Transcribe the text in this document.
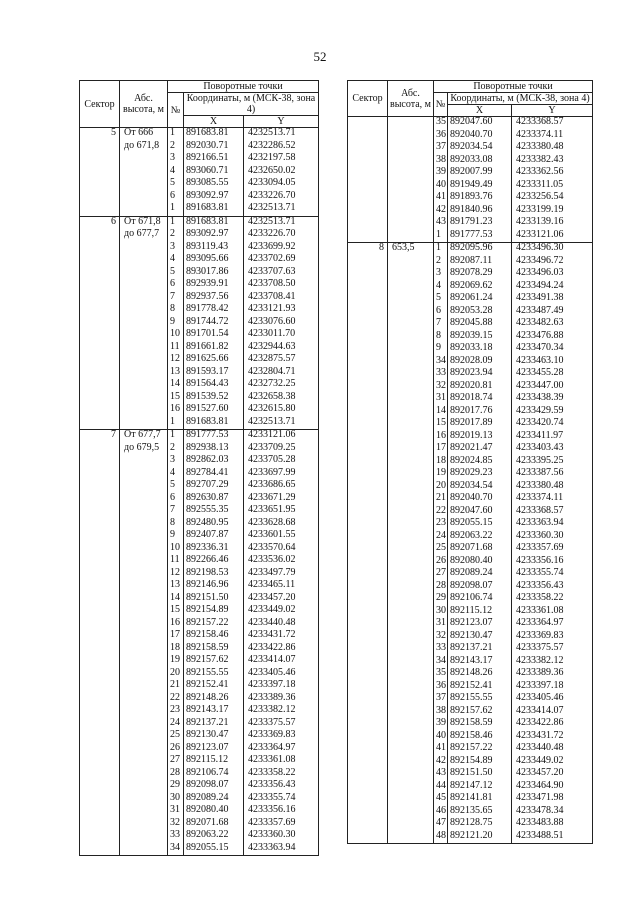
52
Сектор	Абс. высота, м	Поворотные точки		
		№	Координаты, м (МСК-38, зона 4)	
			X	Y
5	От 666	1	891683.81	4232513.71
	до 671,8	2	892030.71	4232286.52
		3	892166.51	4232197.58
		4	893060.71	4232650.02
		5	893085.55	4233094.05
		6	893092.97	4233226.70
		1	891683.81	4232513.71
6	От 671,8	1	891683.81	4232513.71
	до 677,7	2	893092.97	4233226.70
		3	893119.43	4233699.92
		4	893095.66	4233702.69
		5	893017.86	4233707.63
		6	892939.91	4233708.50
		7	892937.56	4233708.41
		8	891778.42	4233121.93
		9	891744.72	4233076.60
		10	891701.54	4233011.70
		11	891661.82	4232944.63
		12	891625.66	4232875.57
		13	891593.17	4232804.71
		14	891564.43	4232732.25
		15	891539.52	4232658.38
		16	891527.60	4232615.80
		1	891683.81	4232513.71
7	От 677,7	1	891777.53	4233121.06
	до 679,5	2	892938.13	4233709.25
		3	892862.03	4233705.28
		4	892784.41	4233697.99
		5	892707.29	4233686.65
		6	892630.87	4233671.29
		7	892555.35	4233651.95
		8	892480.95	4233628.68
		9	892407.87	4233601.55
		10	892336.31	4233570.64
		11	892266.46	4233536.02
		12	892198.53	4233497.79
		13	892146.96	4233465.11
		14	892151.50	4233457.20
		15	892154.89	4233449.02
		16	892157.22	4233440.48
		17	892158.46	4233431.72
		18	892158.59	4233422.86
		19	892157.62	4233414.07
		20	892155.55	4233405.46
		21	892152.41	4233397.18
		22	892148.26	4233389.36
		23	892143.17	4233382.12
		24	892137.21	4233375.57
		25	892130.47	4233369.83
		26	892123.07	4233364.97
		27	892115.12	4233361.08
		28	892106.74	4233358.22
		29	892098.07	4233356.43
		30	892089.24	4233355.74
		31	892080.40	4233356.16
		32	892071.68	4233357.69
		33	892063.22	4233360.30
		34	892055.15	4233363.94
Сектор	Абс. высота, м	Поворотные точки		
		№	Координаты, м (МСК-38, зона 4)	
			X	Y
		35	892047.60	4233368.57
		36	892040.70	4233374.11
		37	892034.54	4233380.48
		38	892033.08	4233382.43
		39	892007.99	4233362.56
		40	891949.49	4233311.05
		41	891893.76	4233256.54
		42	891840.96	4233199.19
		43	891791.23	4233139.16
		1	891777.53	4233121.06
8	653,5	1	892095.96	4233496.30
		2	892087.11	4233496.72
		3	892078.29	4233496.03
		4	892069.62	4233494.24
		5	892061.24	4233491.38
		6	892053.28	4233487.49
		7	892045.88	4233482.63
		8	892039.15	4233476.88
		9	892033.18	4233470.34
		34	892028.09	4233463.10
		33	892023.94	4233455.28
		32	892020.81	4233447.00
		31	892018.74	4233438.39
		14	892017.76	4233429.59
		15	892017.89	4233420.74
		16	892019.13	4233411.97
		17	892021.47	4233403.43
		18	892024.85	4233395.25
		19	892029.23	4233387.56
		20	892034.54	4233380.48
		21	892040.70	4233374.11
		22	892047.60	4233368.57
		23	892055.15	4233363.94
		24	892063.22	4233360.30
		25	892071.68	4233357.69
		26	892080.40	4233356.16
		27	892089.24	4233355.74
		28	892098.07	4233356.43
		29	892106.74	4233358.22
		30	892115.12	4233361.08
		31	892123.07	4233364.97
		32	892130.47	4233369.83
		33	892137.21	4233375.57
		34	892143.17	4233382.12
		35	892148.26	4233389.36
		36	892152.41	4233397.18
		37	892155.55	4233405.46
		38	892157.62	4233414.07
		39	892158.59	4233422.86
		40	892158.46	4233431.72
		41	892157.22	4233440.48
		42	892154.89	4233449.02
		43	892151.50	4233457.20
		44	892147.12	4233464.90
		45	892141.81	4233471.98
		46	892135.65	4233478.34
		47	892128.75	4233483.88
		48	892121.20	4233488.51
